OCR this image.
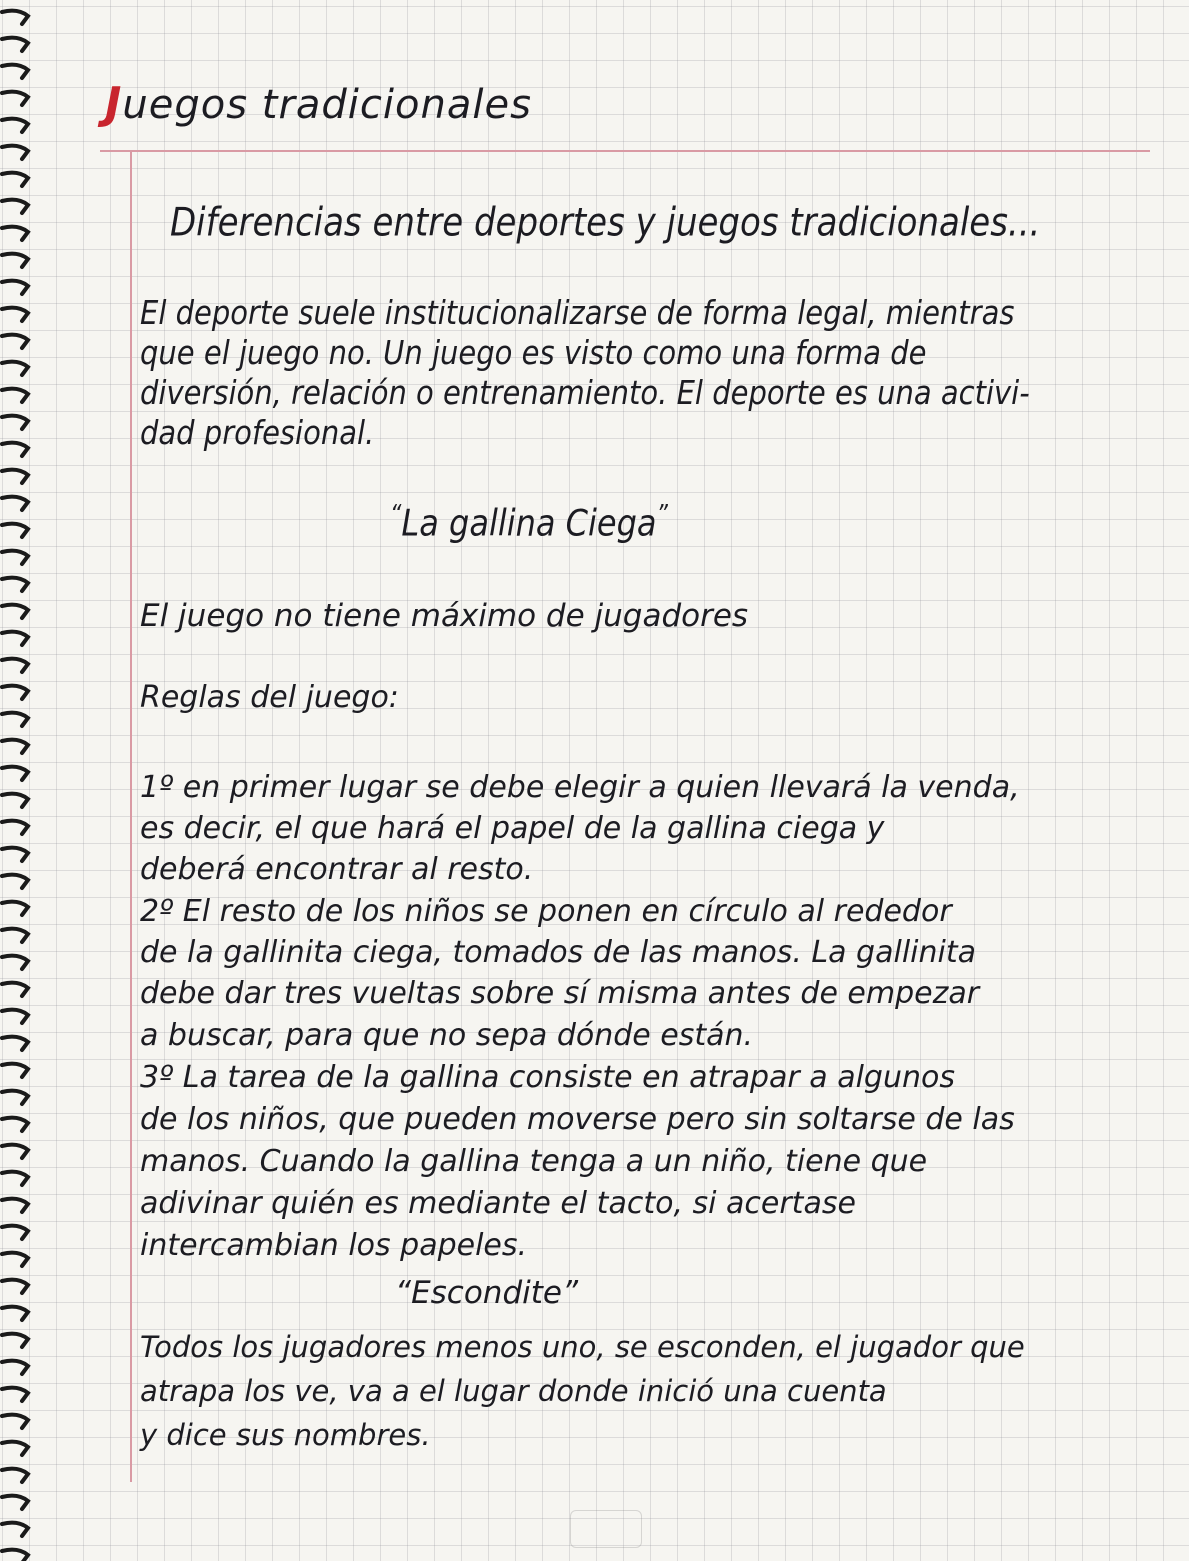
Juegos tradicionales
Diferencias entre deportes y juegos tradicionales...
El deporte suele institucionalizarse de forma legal, mientras
que el juego no. Un juego es visto como una forma de
diversión, relación o entrenamiento. El deporte es una activi-
dad profesional.
“La gallina Ciega”
El juego no tiene máximo de jugadores
Reglas del juego:
1º en primer lugar se debe elegir a quien llevará la venda,
es decir, el que hará el papel de la gallina ciega y
deberá encontrar al resto.
2º El resto de los niños se ponen en círculo al rededor
de la gallinita ciega, tomados de las manos. La gallinita
debe dar tres vueltas sobre sí misma antes de empezar
a buscar, para que no sepa dónde están.
3º La tarea de la gallina consiste en atrapar a algunos
de los niños, que pueden moverse pero sin soltarse de las
manos. Cuando la gallina tenga a un niño, tiene que
adivinar quién es mediante el tacto, si acertase
intercambian los papeles.
“Escondite”
Todos los jugadores menos uno, se esconden, el jugador que
atrapa los ve, va a el lugar donde inició una cuenta
y dice sus nombres.
